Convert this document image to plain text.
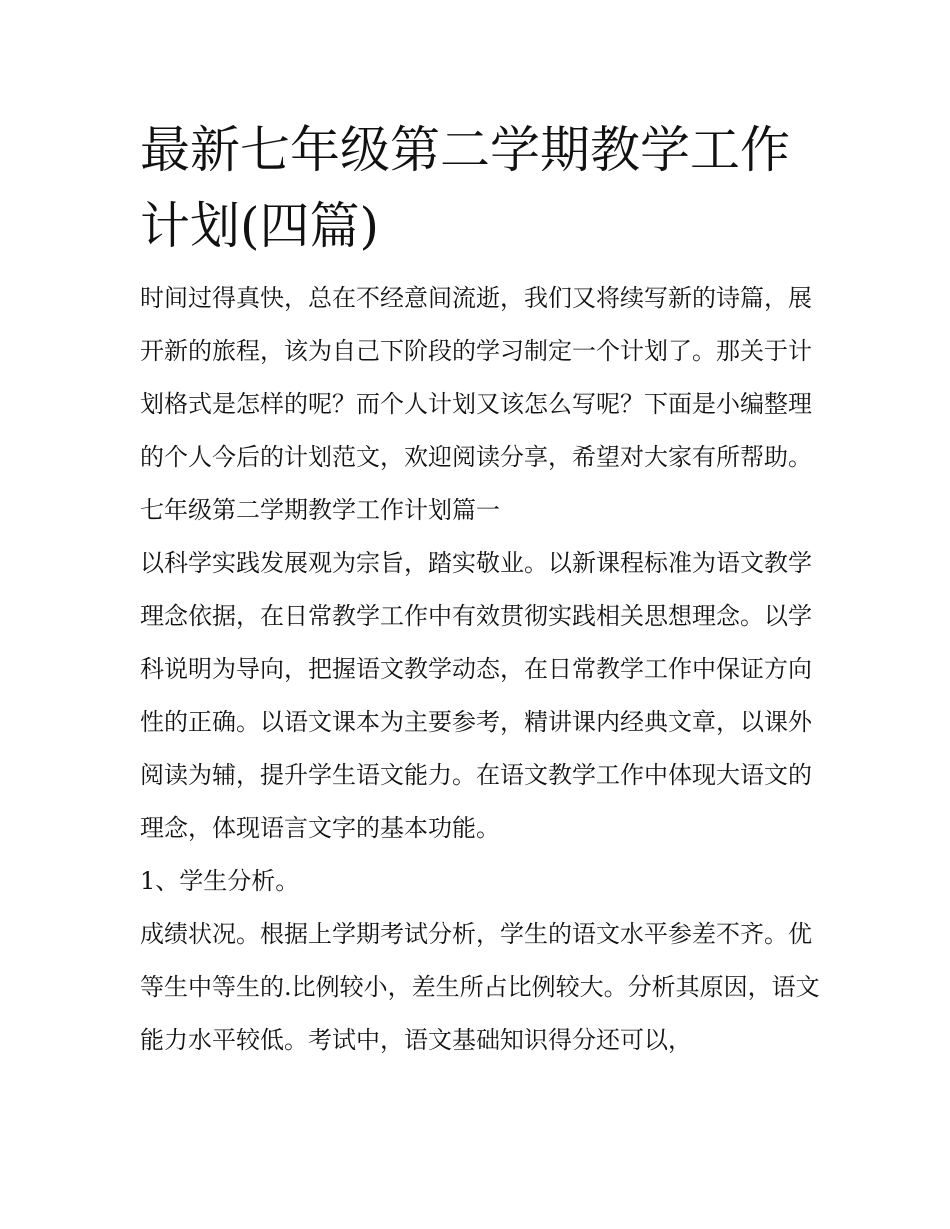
最新七年级第二学期教学工作计划(四篇)

时间过得真快，总在不经意间流逝，我们又将续写新的诗篇，展开新的旅程，该为自己下阶段的学习制定一个计划了。那关于计划格式是怎样的呢？而个人计划又该怎么写呢？下面是小编整理的个人今后的计划范文，欢迎阅读分享，希望对大家有所帮助。

七年级第二学期教学工作计划篇一

以科学实践发展观为宗旨，踏实敬业。以新课程标准为语文教学理念依据，在日常教学工作中有效贯彻实践相关思想理念。以学科说明为导向，把握语文教学动态，在日常教学工作中保证方向性的正确。以语文课本为主要参考，精讲课内经典文章，以课外阅读为辅，提升学生语文能力。在语文教学工作中体现大语文的理念，体现语言文字的基本功能。

1、学生分析。

成绩状况。根据上学期考试分析，学生的语文水平参差不齐。优等生中等生的.比例较小，差生所占比例较大。分析其原因，语文能力水平较低。考试中，语文基础知识得分还可以，
